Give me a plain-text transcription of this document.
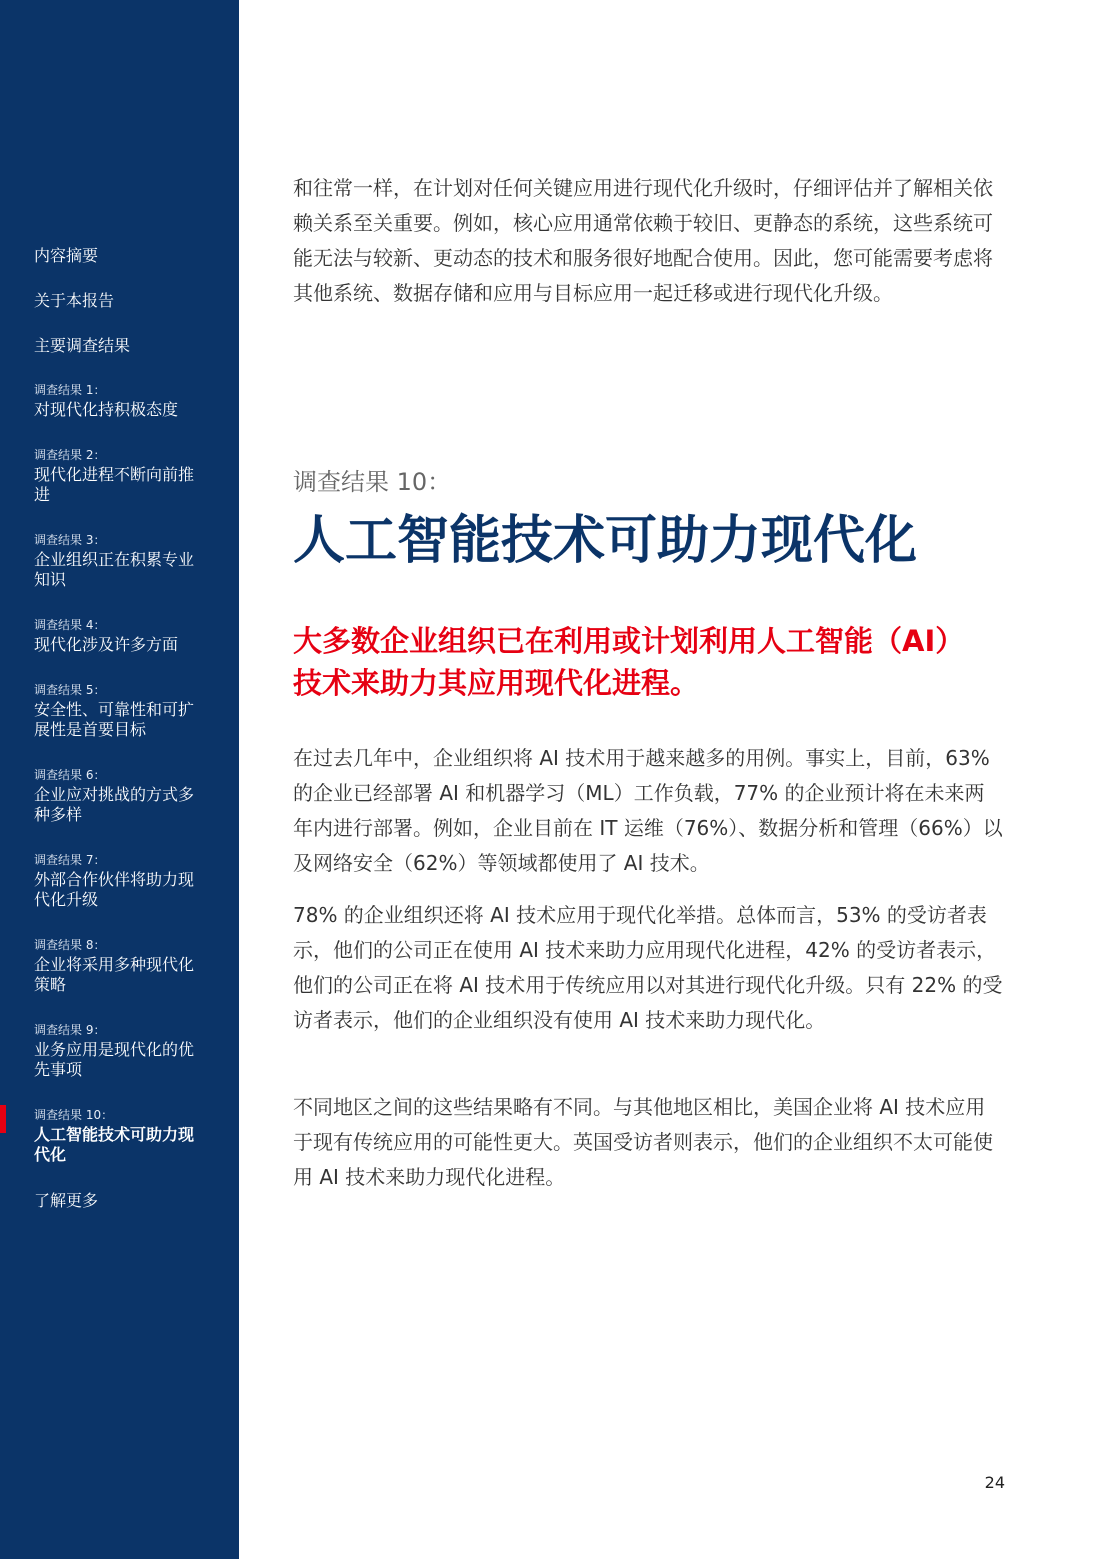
内容摘要
关于本报告
主要调查结果
调查结果 1：
对现代化持积极态度
调查结果 2：
现代化进程不断向前推进
调查结果 3：
企业组织正在积累专业知识
调查结果 4：
现代化涉及许多方面
调查结果 5：
安全性、可靠性和可扩展性是首要目标
调查结果 6：
企业应对挑战的方式多种多样
调查结果 7：
外部合作伙伴将助力现代化升级
调查结果 8：
企业将采用多种现代化策略
调查结果 9：
业务应用是现代化的优先事项
调查结果 10：
人工智能技术可助力现代化
了解更多

和往常一样，在计划对任何关键应用进行现代化升级时，仔细评估并了解相关依赖关系至关重要。例如，核心应用通常依赖于较旧、更静态的系统，这些系统可能无法与较新、更动态的技术和服务很好地配合使用。因此，您可能需要考虑将其他系统、数据存储和应用与目标应用一起迁移或进行现代化升级。

调查结果 10：
人工智能技术可助力现代化
大多数企业组织已在利用或计划利用人工智能（AI）技术来助力其应用现代化进程。

在过去几年中，企业组织将 AI 技术用于越来越多的用例。事实上，目前，63% 的企业已经部署 AI 和机器学习（ML）工作负载，77% 的企业预计将在未来两年内进行部署。例如，企业目前在 IT 运维（76%）、数据分析和管理（66%）以及网络安全（62%）等领域都使用了 AI 技术。

78% 的企业组织还将 AI 技术应用于现代化举措。总体而言，53% 的受访者表示，他们的公司正在使用 AI 技术来助力应用现代化进程，42% 的受访者表示，他们的公司正在将 AI 技术用于传统应用以对其进行现代化升级。只有 22% 的受访者表示，他们的企业组织没有使用 AI 技术来助力现代化。

不同地区之间的这些结果略有不同。与其他地区相比，美国企业将 AI 技术应用于现有传统应用的可能性更大。英国受访者则表示，他们的企业组织不太可能使用 AI 技术来助力现代化进程。

24
